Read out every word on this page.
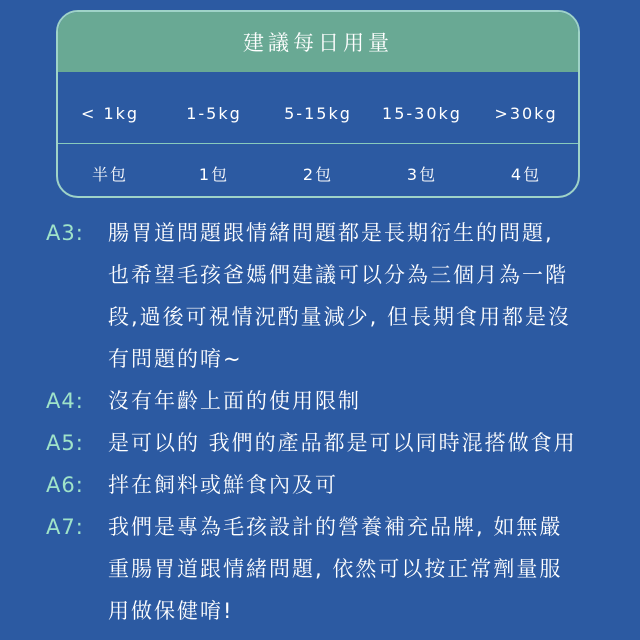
建議每日用量
< 1kg	1-5kg	5-15kg	15-30kg	>30kg
半包	1包	2包	3包	4包
A3:	腸胃道問題跟情緒問題都是長期衍生的問題,
也希望毛孩爸媽們建議可以分為三個月為一階
段,過後可視情況酌量減少, 但長期食用都是沒
有問題的唷~
A4:	沒有年齡上面的使用限制
A5:	是可以的 我們的產品都是可以同時混搭做食用
A6:	拌在飼料或鮮食內及可
A7:	我們是專為毛孩設計的營養補充品牌, 如無嚴
重腸胃道跟情緒問題, 依然可以按正常劑量服
用做保健唷!
